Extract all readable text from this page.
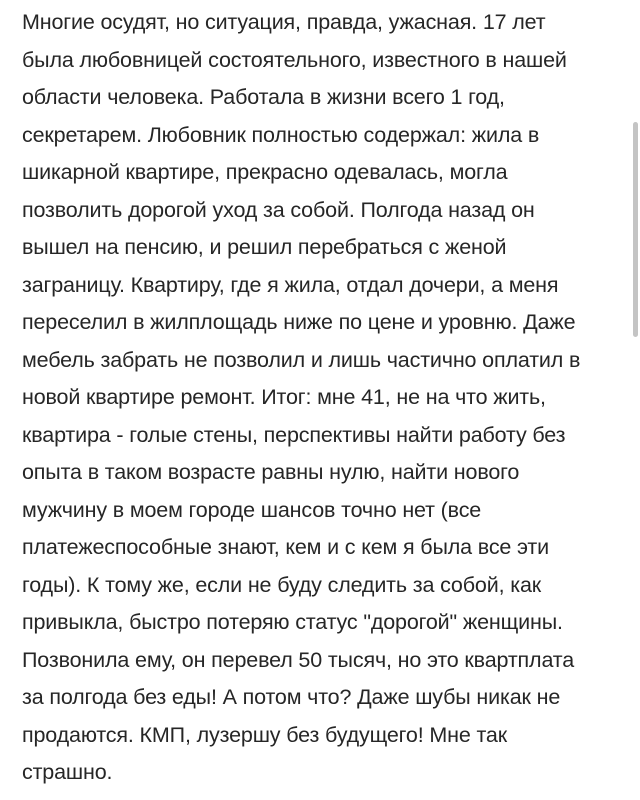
Многие осудят, но ситуация, правда, ужасная. 17 лет
была любовницей состоятельного, известного в нашей
области человека. Работала в жизни всего 1 год,
секретарем. Любовник полностью содержал: жила в
шикарной квартире, прекрасно одевалась, могла
позволить дорогой уход за собой. Полгода назад он
вышел на пенсию, и решил перебраться с женой
заграницу. Квартиру, где я жила, отдал дочери, а меня
переселил в жилплощадь ниже по цене и уровню. Даже
мебель забрать не позволил и лишь частично оплатил в
новой квартире ремонт. Итог: мне 41, не на что жить,
квартира - голые стены, перспективы найти работу без
опыта в таком возрасте равны нулю, найти нового
мужчину в моем городе шансов точно нет (все
платежеспособные знают, кем и с кем я была все эти
годы). К тому же, если не буду следить за собой, как
привыкла, быстро потеряю статус "дорогой" женщины.
Позвонила ему, он перевел 50 тысяч, но это квартплата
за полгода без еды! А потом что? Даже шубы никак не
продаются. КМП, лузершу без будущего! Мне так
страшно.
